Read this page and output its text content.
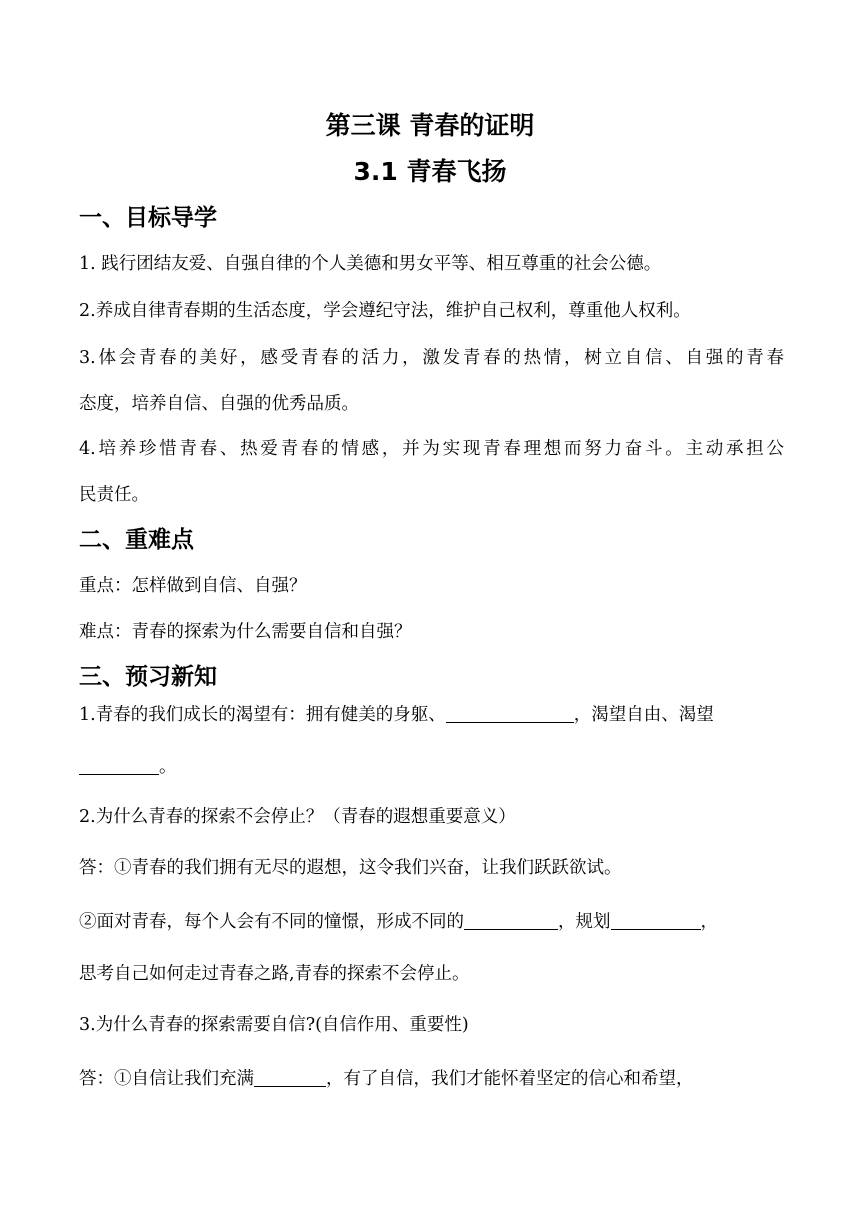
第三课 青春的证明
3.1 青春飞扬
一、目标导学
1. 践行团结友爱、自强自律的个人美德和男女平等、相互尊重的社会公德。
2.养成自律青春期的生活态度，学会遵纪守法，维护自己权利，尊重他人权利。
3.体会青春的美好，感受青春的活力，激发青春的热情，树立自信、自强的青春
态度，培养自信、自强的优秀品质。
4.培养珍惜青春、热爱青春的情感，并为实现青春理想而努力奋斗。主动承担公
民责任。
二、重难点
重点：怎样做到自信、自强？
难点：青春的探索为什么需要自信和自强？
三、预习新知
1.青春的我们成长的渴望有：拥有健美的身躯、	，渴望自由、渴望
。
2.为什么青春的探索不会停止？（青春的遐想重要意义）
答：①青春的我们拥有无尽的遐想，这令我们兴奋，让我们跃跃欲试。
②面对青春，每个人会有不同的憧憬，形成不同的	，规划	，
思考自己如何走过青春之路,青春的探索不会停止。
3.为什么青春的探索需要自信?(自信作用、重要性)
答：①自信让我们充满	，有了自信，我们才能怀着坚定的信心和希望，
